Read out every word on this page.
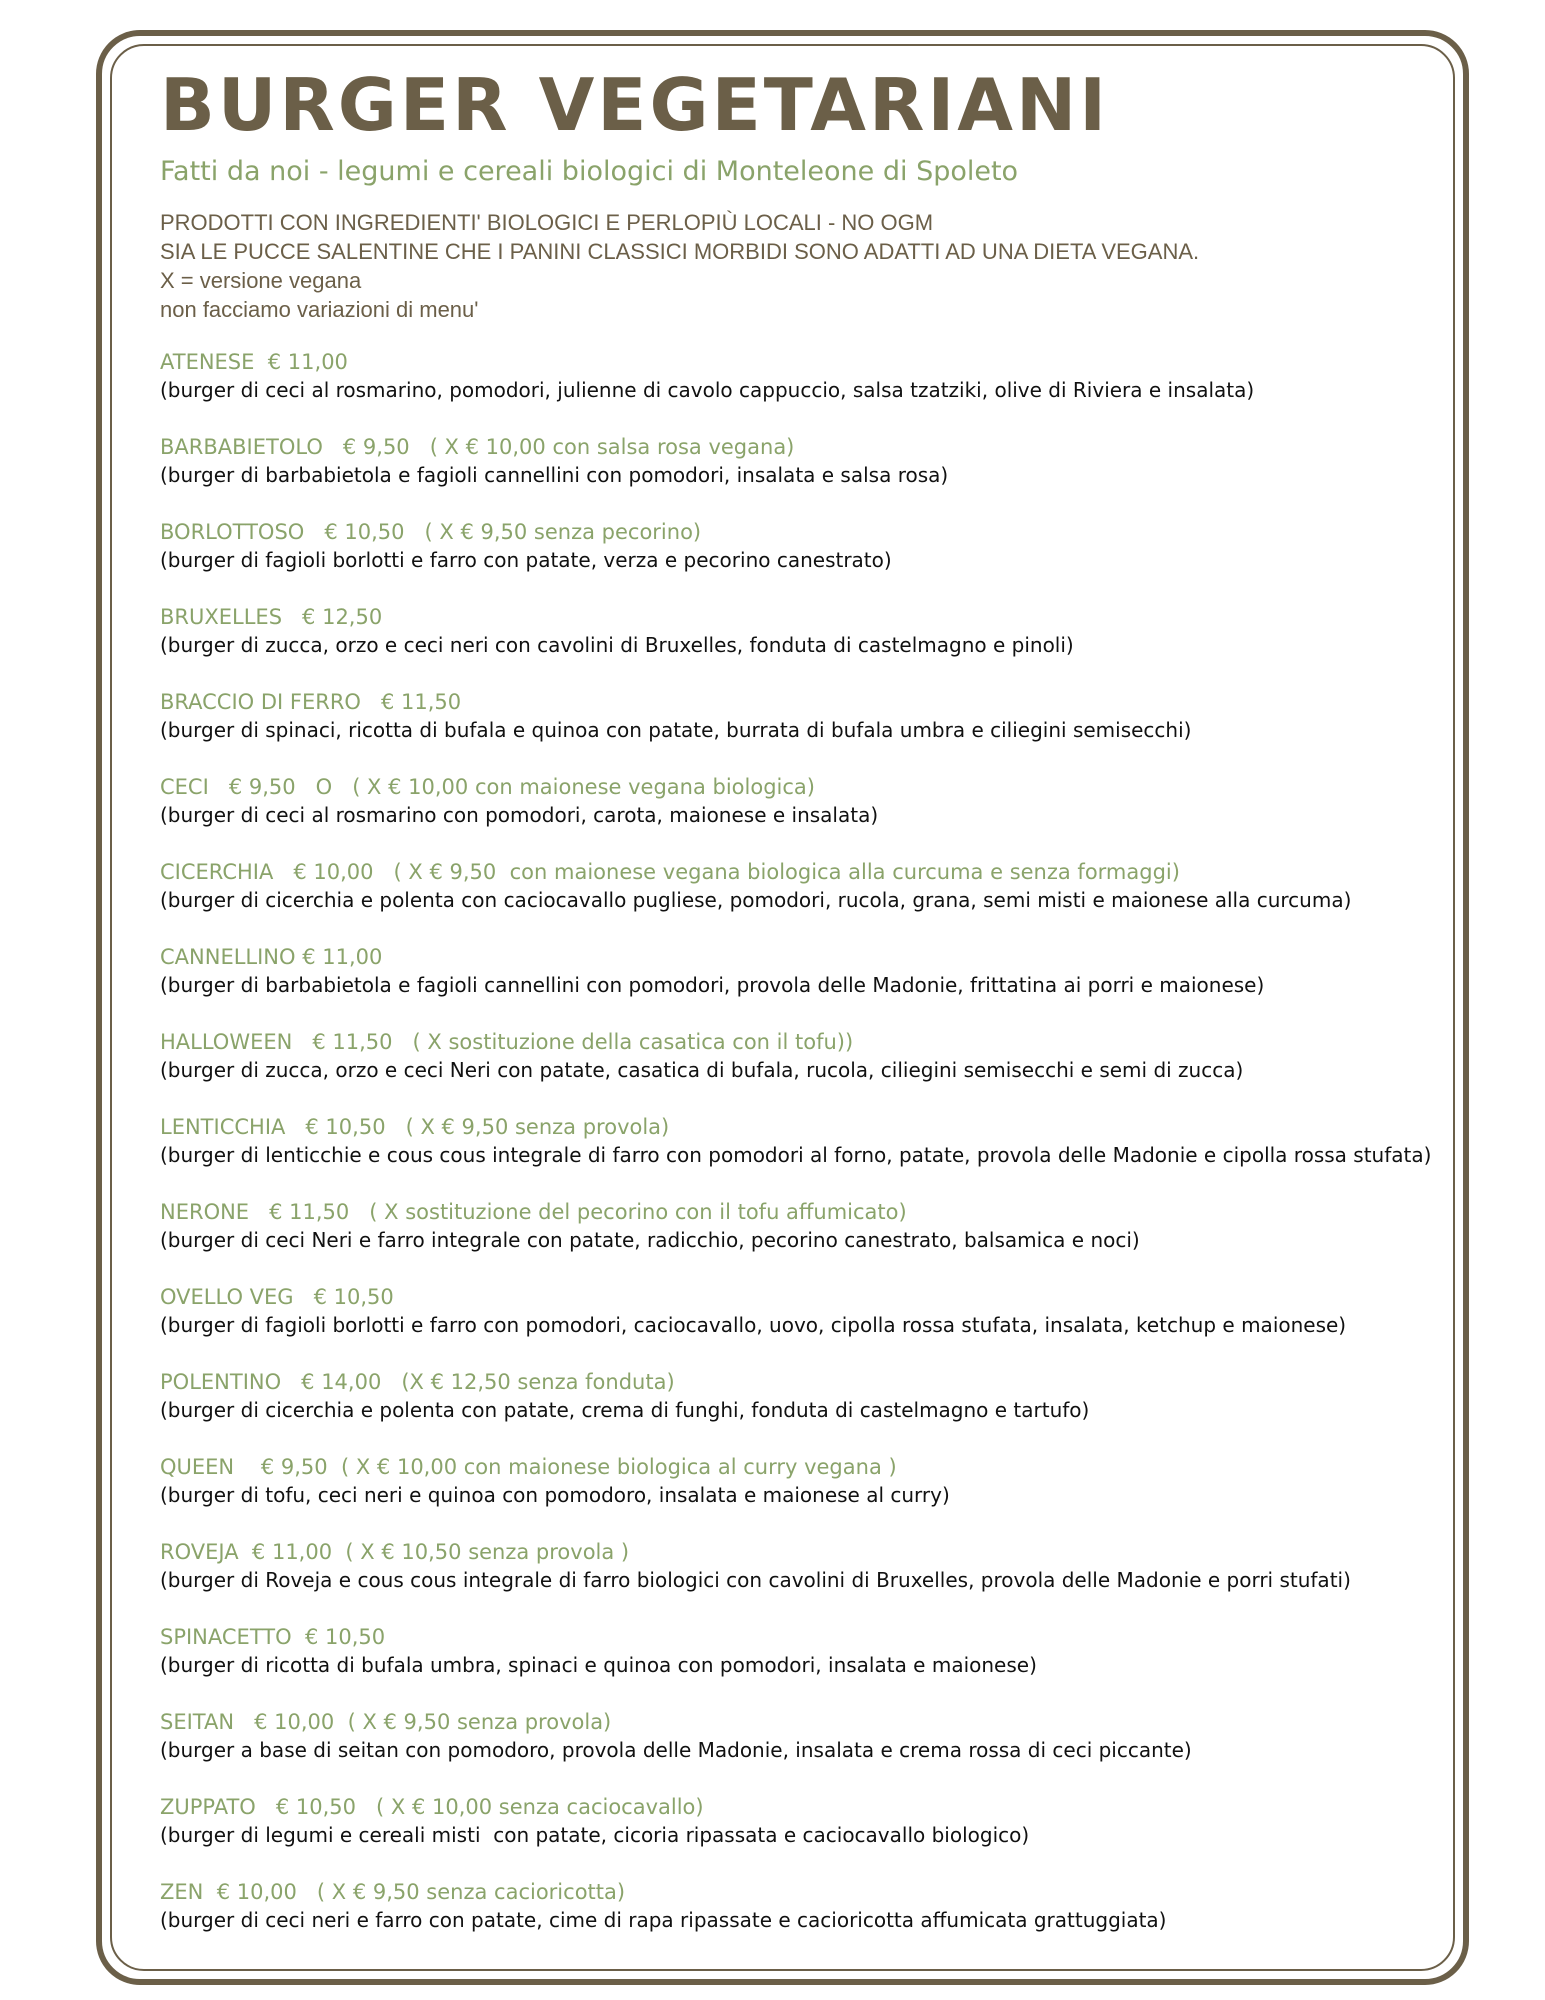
BURGER VEGETARIANI
Fatti da noi - legumi e cereali biologici di Monteleone di Spoleto

PRODOTTI CON INGREDIENTI' BIOLOGICI E PERLOPIÙ LOCALI - NO OGM

SIA LE PUCCE SALENTINE CHE I PANINI CLASSICI MORBIDI SONO ADATTI AD UNA DIETA VEGANA.

X = versione vegana

non facciamo variazioni di menu'

ATENESE  € 11,00
(burger di ceci al rosmarino, pomodori, julienne di cavolo cappuccio, salsa tzatziki, olive di Riviera e insalata)
BARBABIETOLO   € 9,50   ( X € 10,00 con salsa rosa vegana)
(burger di barbabietola e fagioli cannellini con pomodori, insalata e salsa rosa)
BORLOTTOSO   € 10,50   ( X € 9,50 senza pecorino)
(burger di fagioli borlotti e farro con patate, verza e pecorino canestrato)
BRUXELLES   € 12,50
(burger di zucca, orzo e ceci neri con cavolini di Bruxelles, fonduta di castelmagno e pinoli)
BRACCIO DI FERRO   € 11,50
(burger di spinaci, ricotta di bufala e quinoa con patate, burrata di bufala umbra e ciliegini semisecchi)
CECI   € 9,50   O   ( X € 10,00 con maionese vegana biologica)
(burger di ceci al rosmarino con pomodori, carota, maionese e insalata)
CICERCHIA   € 10,00   ( X € 9,50  con maionese vegana biologica alla curcuma e senza formaggi)
(burger di cicerchia e polenta con caciocavallo pugliese, pomodori, rucola, grana, semi misti e maionese alla curcuma)
CANNELLINO € 11,00
(burger di barbabietola e fagioli cannellini con pomodori, provola delle Madonie, frittatina ai porri e maionese)
HALLOWEEN   € 11,50   ( X sostituzione della casatica con il tofu))
(burger di zucca, orzo e ceci Neri con patate, casatica di bufala, rucola, ciliegini semisecchi e semi di zucca)
LENTICCHIA   € 10,50   ( X € 9,50 senza provola)
(burger di lenticchie e cous cous integrale di farro con pomodori al forno, patate, provola delle Madonie e cipolla rossa stufata)
NERONE   € 11,50   ( X sostituzione del pecorino con il tofu affumicato)
(burger di ceci Neri e farro integrale con patate, radicchio, pecorino canestrato, balsamica e noci)
OVELLO VEG   € 10,50
(burger di fagioli borlotti e farro con pomodori, caciocavallo, uovo, cipolla rossa stufata, insalata, ketchup e maionese)
POLENTINO   € 14,00   (X € 12,50 senza fonduta)
(burger di cicerchia e polenta con patate, crema di funghi, fonduta di castelmagno e tartufo)
QUEEN    € 9,50  ( X € 10,00 con maionese biologica al curry vegana )
(burger di tofu, ceci neri e quinoa con pomodoro, insalata e maionese al curry)
ROVEJA  € 11,00  ( X € 10,50 senza provola )
(burger di Roveja e cous cous integrale di farro biologici con cavolini di Bruxelles, provola delle Madonie e porri stufati)
SPINACETTO  € 10,50
(burger di ricotta di bufala umbra, spinaci e quinoa con pomodori, insalata e maionese)
SEITAN   € 10,00  ( X € 9,50 senza provola)
(burger a base di seitan con pomodoro, provola delle Madonie, insalata e crema rossa di ceci piccante)
ZUPPATO   € 10,50   ( X € 10,00 senza caciocavallo)
(burger di legumi e cereali misti  con patate, cicoria ripassata e caciocavallo biologico)
ZEN  € 10,00   ( X € 9,50 senza cacioricotta)
(burger di ceci neri e farro con patate, cime di rapa ripassate e cacioricotta affumicata grattuggiata)
